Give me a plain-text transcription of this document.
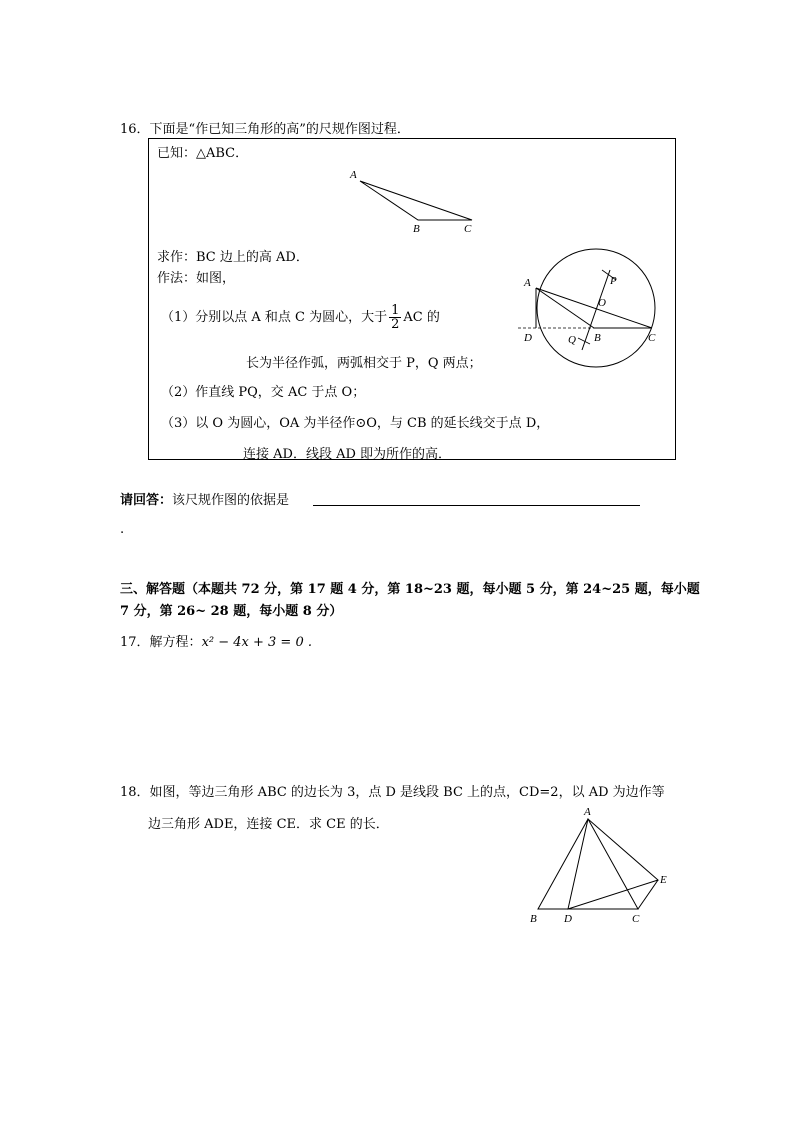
16．下面是“作已知三角形的高”的尺规作图过程．
已知：△ABC．
A
B	C
求作：BC 边上的高 AD．
作法：如图，
（1）分别以点 A 和点 C 为圆心，大于 $\frac{1}{2}$ AC 的
长为半径作弧，两弧相交于 P，Q 两点；
（2）作直线 PQ，交 AC 于点 O；
（3）以 O 为圆心，OA 为半径作⊙O，与 CB 的延长线交于点 D，
连接 AD．线段 AD 即为所作的高．
A	P
O
D	Q B	C
请回答：该尺规作图的依据是
.
三、解答题（本题共 72 分，第 17 题 4 分，第 18~23 题，每小题 5 分，第 24~25 题，每小题
7 分，第 26~ 28 题，每小题 8 分）
17．解方程：x² − 4x + 3 = 0 .
18．如图，等边三角形 ABC 的边长为 3，点 D 是线段 BC 上的点，CD=2，以 AD 为边作等
边三角形 ADE，连接 CE．求 CE 的长．
A
B D	C
E
